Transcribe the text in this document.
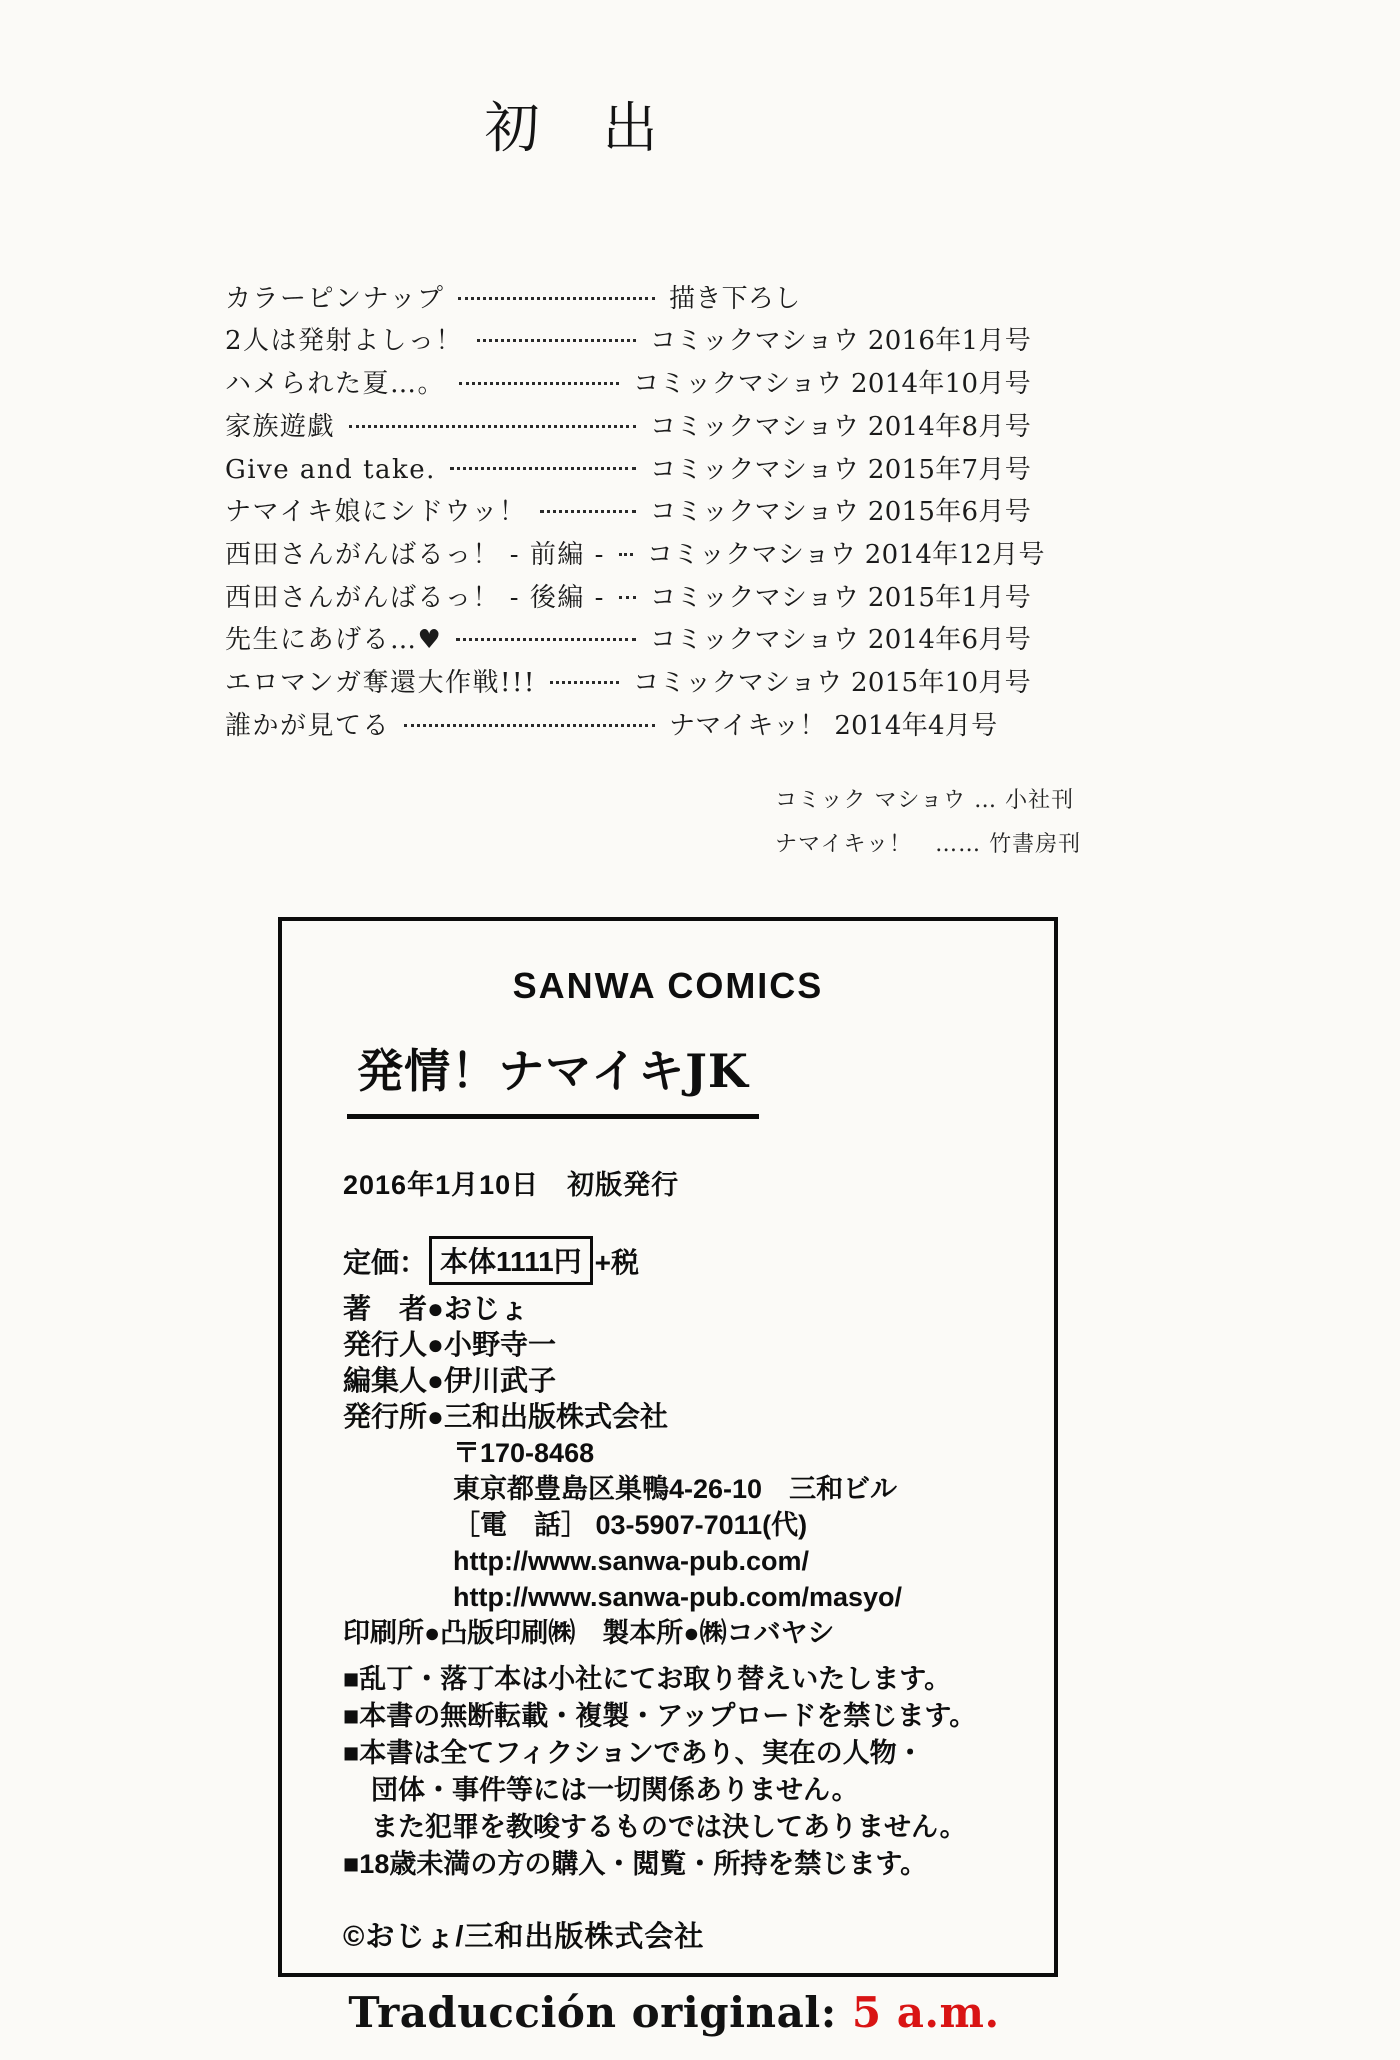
初　出
カラーピンナップ	描き下ろし
2人は発射よしっ！	コミックマショウ 2016年1月号
ハメられた夏…。	コミックマショウ 2014年10月号
家族遊戯	コミックマショウ 2014年8月号
Give and take.	コミックマショウ 2015年7月号
ナマイキ娘にシドウッ！	コミックマショウ 2015年6月号
西田さんがんばるっ！ - 前編 - コミックマショウ 2014年12月号
西田さんがんばるっ！ - 後編 - コミックマショウ 2015年1月号
先生にあげる…♥	コミックマショウ 2014年6月号
エロマンガ奪還大作戦!!!	コミックマショウ 2015年10月号
誰かが見てる	ナマイキッ！ 2014年4月号
コミック マショウ … 小社刊
ナマイキッ！　…… 竹書房刊
SANWA COMICS
発情！ナマイキJK
2016年1月10日　初版発行
定価： 本体1111円 +税
著　者●おじょ
発行人●小野寺一
編集人●伊川武子
発行所●三和出版株式会社
〒170-8468
東京都豊島区巣鴨4-26-10　三和ビル
［電　話］ 03-5907-7011(代)
http://www.sanwa-pub.com/
http://www.sanwa-pub.com/masyo/
印刷所●凸版印刷㈱　製本所●㈱コバヤシ
■乱丁・落丁本は小社にてお取り替えいたします。
■本書の無断転載・複製・アップロードを禁じます。
■本書は全てフィクションであり、実在の人物・
団体・事件等には一切関係ありません。
また犯罪を教唆するものでは決してありません。
■18歳未満の方の購入・閲覧・所持を禁じます。
©おじょ/三和出版株式会社
Traducción original: 5 a.m.
